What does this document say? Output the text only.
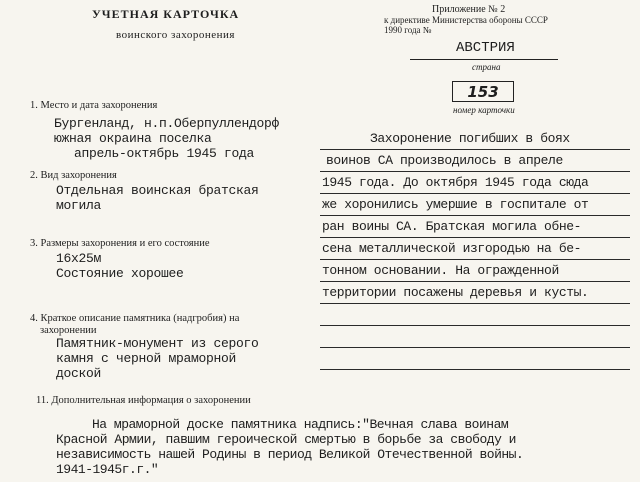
УЧЕТНАЯ КАРТОЧКА
воинского захоронения
Приложение № 2
к директиве Министерства обороны СССР
1990 года №
АВСТРИЯ
страна
153
номер карточки
1. Место и дата захоронения
Бургенланд, н.п.Оберпуллендорф
южная окраина поселка
апрель-октябрь 1945 года
2. Вид захоронения
Отдельная воинская братская
могила
3. Размеры захоронения и его состояние
16х25м
Состояние хорошее
4. Краткое описание памятника (надгробия) на
захоронении
Памятник-монумент из серого
камня с черной мраморной
доской
11. Дополнительная информация о захоронении
Захоронение погибших в боях
воинов СА производилось в апреле
1945 года. До октября 1945 года сюда
же хоронились умершие в госпитале от
ран воины СА. Братская могила обне-
сена металлической изгородью на бе-
тонном основании. На огражденной
территории посажены деревья и кусты.
На мраморной доске памятника надпись:"Вечная слава воинам
Красной Армии, павшим героической смертью в борьбе за свободу и
независимость нашей Родины в период Великой Отечественной войны.
1941-1945г.г."
